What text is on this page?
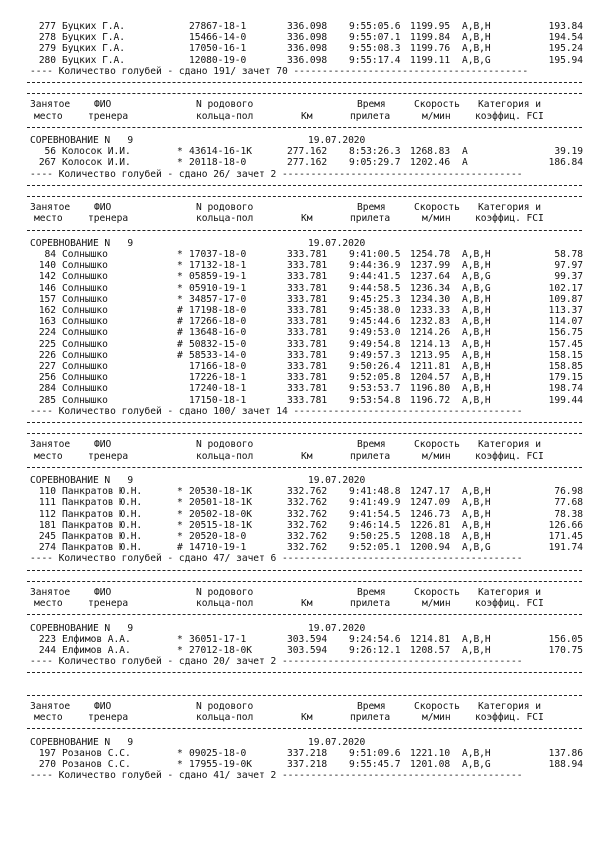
277 Буцких Г.А.	27867-18-1	336.098 9:55:05.6 1199.95 A,B,H	193.84
278 Буцких Г.А.	15466-14-0	336.098 9:55:07.1 1199.84 A,B,H	194.54
279 Буцких Г.А.	17050-16-1	336.098 9:55:08.3 1199.76 A,B,H	195.24
280 Буцких Г.А.	12080-19-0	336.098 9:55:17.4 1199.11 A,B,G	195.94
---- Количество голубей - сдано 191/ зачет 70 -----------------------------------------
Занятое ФИО	N родового	Время	Скорость Категория и
место	тренера	кольца-пол	Км	прилета	м/мин	коэффиц. FCI
СОРЕВНОВАНИЕ N   9	19.07.2020
56 Колосок И.И.	* 43614-16-1K	277.162 8:53:26.3 1268.83 A	39.19
267 Колосок И.И.	* 20118-18-0	277.162 9:05:29.7 1202.46 A	186.84
---- Количество голубей - сдано 26/ зачет 2 ------------------------------------------
Занятое ФИО	N родового	Время	Скорость Категория и
место	тренера	кольца-пол	Км	прилета	м/мин	коэффиц. FCI
СОРЕВНОВАНИЕ N   9	19.07.2020
84 Солнышко	* 17037-18-0	333.781 9:41:00.5 1254.78 A,B,H	58.78
140 Солнышко	* 17132-18-1	333.781 9:44:36.9 1237.99 A,B,H	97.97
142 Солнышко	* 05859-19-1	333.781 9:44:41.5 1237.64 A,B,G	99.37
146 Солнышко	* 05910-19-1	333.781 9:44:58.5 1236.34 A,B,G	102.17
157 Солнышко	* 34857-17-0	333.781 9:45:25.3 1234.30 A,B,H	109.87
162 Солнышко	# 17198-18-0	333.781 9:45:38.0 1233.33 A,B,H	113.37
163 Солнышко	# 17266-18-0	333.781 9:45:44.6 1232.83 A,B,H	114.07
224 Солнышко	# 13648-16-0	333.781 9:49:53.0 1214.26 A,B,H	156.75
225 Солнышко	# 50832-15-0	333.781 9:49:54.8 1214.13 A,B,H	157.45
226 Солнышко	# 58533-14-0	333.781 9:49:57.3 1213.95 A,B,H	158.15
227 Солнышко	17166-18-0	333.781 9:50:26.4 1211.81 A,B,H	158.85
256 Солнышко	17226-18-1	333.781 9:52:05.8 1204.57 A,B,H	179.15
284 Солнышко	17240-18-1	333.781 9:53:53.7 1196.80 A,B,H	198.74
285 Солнышко	17150-18-1	333.781 9:53:54.8 1196.72 A,B,H	199.44
---- Количество голубей - сдано 100/ зачет 14 ----------------------------------------
Занятое ФИО	N родового	Время	Скорость Категория и
место	тренера	кольца-пол	Км	прилета	м/мин	коэффиц. FCI
СОРЕВНОВАНИЕ N   9	19.07.2020
110 Панкратов Ю.Н.	* 20530-18-1K	332.762 9:41:48.8 1247.17 A,B,H	76.98
111 Панкратов Ю.Н.	* 20501-18-1K	332.762 9:41:49.9 1247.09 A,B,H	77.68
112 Панкратов Ю.Н.	* 20502-18-0K	332.762 9:41:54.5 1246.73 A,B,H	78.38
181 Панкратов Ю.Н.	* 20515-18-1K	332.762 9:46:14.5 1226.81 A,B,H	126.66
245 Панкратов Ю.Н.	* 20520-18-0	332.762 9:50:25.5 1208.18 A,B,H	171.45
274 Панкратов Ю.Н.	# 14710-19-1	332.762 9:52:05.1 1200.94 A,B,G	191.74
---- Количество голубей - сдано 47/ зачет 6 ------------------------------------------
Занятое ФИО	N родового	Время	Скорость Категория и
место	тренера	кольца-пол	Км	прилета	м/мин	коэффиц. FCI
СОРЕВНОВАНИЕ N   9	19.07.2020
223 Елфимов А.А.	* 36051-17-1	303.594 9:24:54.6 1214.81 A,B,H	156.05
244 Елфимов А.А.	* 27012-18-0K	303.594 9:26:12.1 1208.57 A,B,H	170.75
---- Количество голубей - сдано 20/ зачет 2 ------------------------------------------
Занятое ФИО	N родового	Время	Скорость Категория и
место	тренера	кольца-пол	Км	прилета	м/мин	коэффиц. FCI
СОРЕВНОВАНИЕ N   9	19.07.2020
197 Розанов С.С.	* 09025-18-0	337.218 9:51:09.6 1221.10 A,B,H	137.86
270 Розанов С.С.	* 17955-19-0K	337.218 9:55:45.7 1201.08 A,B,G	188.94
---- Количество голубей - сдано 41/ зачет 2 ------------------------------------------
